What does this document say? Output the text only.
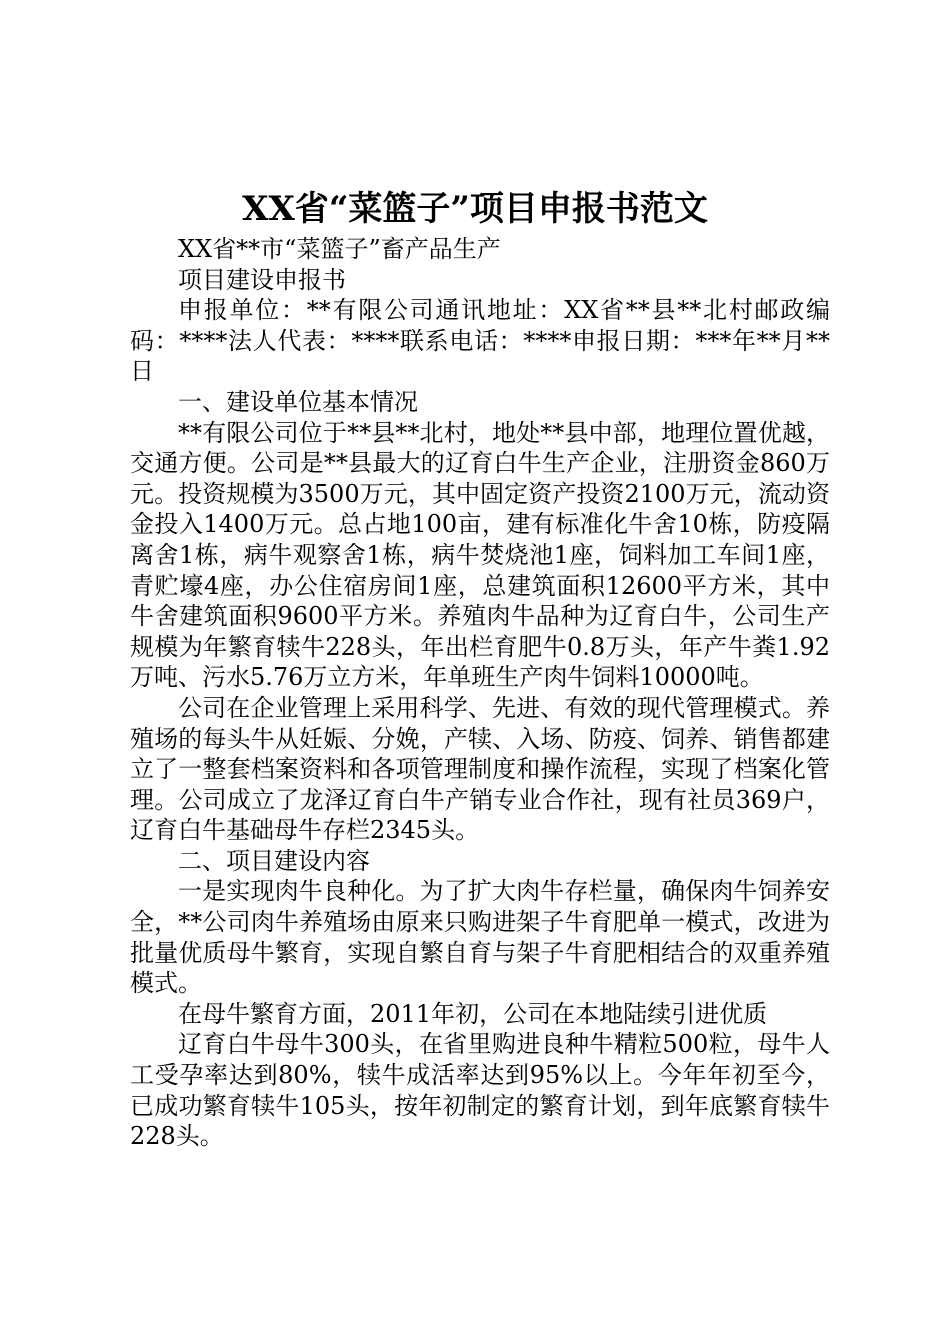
XX省“菜篮子”项目申报书范文

XX省**市“菜篮子”畜产品生产

项目建设申报书

申报单位：**有限公司通讯地址：XX省**县**北村邮政编码：****法人代表：****联系电话：****申报日期：***年**月**日

一、建设单位基本情况

**有限公司位于**县**北村，地处**县中部，地理位置优越，交通方便。公司是**县最大的辽育白牛生产企业，注册资金860万元。投资规模为3500万元，其中固定资产投资2100万元，流动资金投入1400万元。总占地100亩，建有标准化牛舍10栋，防疫隔离舍1栋，病牛观察舍1栋，病牛焚烧池1座，饲料加工车间1座，青贮壕4座，办公住宿房间1座，总建筑面积12600平方米，其中牛舍建筑面积9600平方米。养殖肉牛品种为辽育白牛，公司生产规模为年繁育犊牛228头，年出栏育肥牛0.8万头，年产牛粪1.92万吨、污水5.76万立方米，年单班生产肉牛饲料10000吨。

公司在企业管理上采用科学、先进、有效的现代管理模式。养殖场的每头牛从妊娠、分娩，产犊、入场、防疫、饲养、销售都建立了一整套档案资料和各项管理制度和操作流程，实现了档案化管理。公司成立了龙泽辽育白牛产销专业合作社，现有社员369户，辽育白牛基础母牛存栏2345头。

二、项目建设内容

一是实现肉牛良种化。为了扩大肉牛存栏量，确保肉牛饲养安全，**公司肉牛养殖场由原来只购进架子牛育肥单一模式，改进为批量优质母牛繁育，实现自繁自育与架子牛育肥相结合的双重养殖模式。

在母牛繁育方面，2011年初，公司在本地陆续引进优质

辽育白牛母牛300头，在省里购进良种牛精粒500粒，母牛人工受孕率达到80%，犊牛成活率达到95%以上。今年年初至今，已成功繁育犊牛105头，按年初制定的繁育计划，到年底繁育犊牛228头。
